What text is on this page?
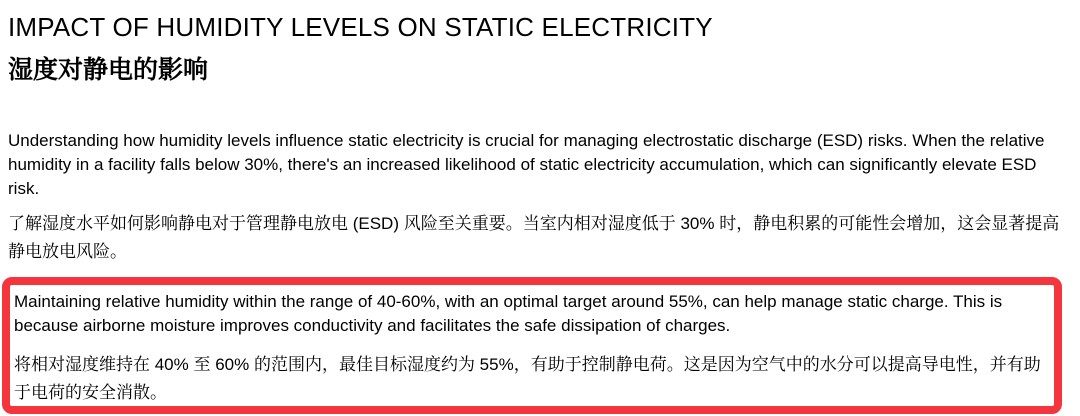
IMPACT OF HUMIDITY LEVELS ON STATIC ELECTRICITY
湿度对静电的影响

Understanding how humidity levels influence static electricity is crucial for managing electrostatic discharge (ESD) risks. When the relative humidity in a facility falls below 30%, there's an increased likelihood of static electricity accumulation, which can significantly elevate ESD risk.

了解湿度水平如何影响静电对于管理静电放电 (ESD) 风险至关重要。当室内相对湿度低于 30% 时，静电积累的可能性会增加，这会显著提高静电放电风险。

Maintaining relative humidity within the range of 40-60%, with an optimal target around 55%, can help manage static charge. This is because airborne moisture improves conductivity and facilitates the safe dissipation of charges.

将相对湿度维持在 40% 至 60% 的范围内，最佳目标湿度约为 55%，有助于控制静电荷。这是因为空气中的水分可以提高导电性，并有助于电荷的安全消散。
